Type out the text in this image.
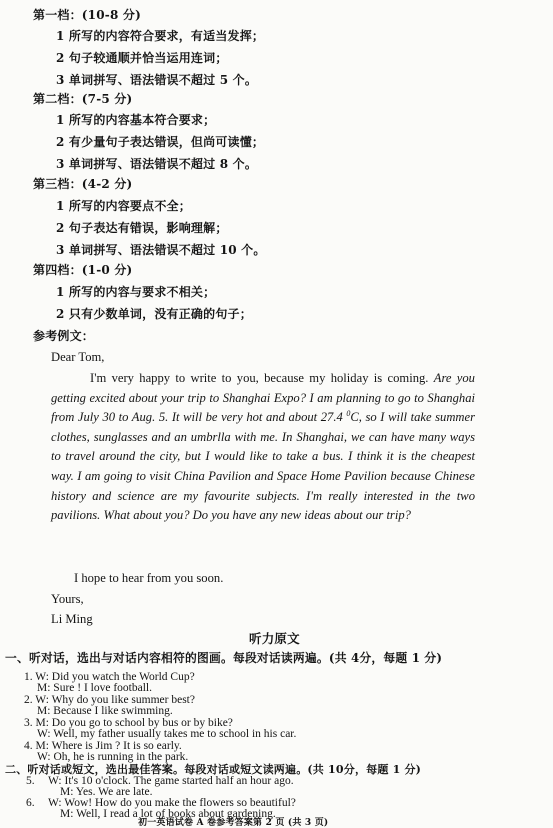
第一档：(10-8 分)
1 所写的内容符合要求，有适当发挥；
2 句子较通顺并恰当运用连词；
3 单词拼写、语法错误不超过 5 个。
第二档：(7-5 分)
1 所写的内容基本符合要求；
2 有少量句子表达错误，但尚可读懂；
3 单词拼写、语法错误不超过 8 个。
第三档：(4-2 分)
1 所写的内容要点不全；
2 句子表达有错误，影响理解；
3 单词拼写、语法错误不超过 10 个。
第四档：(1-0 分)
1 所写的内容与要求不相关；
2 只有少数单词，没有正确的句子；
参考例文：
Dear Tom,
I'm very happy to write to you, because my holiday is coming. Are you getting excited about your trip to Shanghai Expo? I am planning to go to Shanghai from July 30 to Aug. 5. It will be very hot and about 27.4 $^0$C, so I will take summer clothes, sunglasses and an umbrlla with me. In Shanghai, we can have many ways to travel around the city, but I would like to take a bus. I think it is the cheapest way. I am going to visit China Pavilion and Space Home Pavilion because Chinese history and science are my favourite subjects. I'm really interested in the two pavilions. What about you? Do you have any new ideas about our trip?
I hope to hear from you soon.
Yours,
Li Ming
听力原文
一、听对话，选出与对话内容相符的图画。每段对话读两遍。(共 4分，每题 1 分)
1. W: Did you watch the World Cup?
M: Sure ! I love football.
2. W: Why do you like summer best?
M: Because I like swimming.
3. M: Do you go to school by bus or by bike?
W: Well, my father usually takes me to school in his car.
4. M: Where is Jim ? It is so early.
W: Oh, he is running in the park.
二、听对话或短文，选出最佳答案。每段对话或短文读两遍。(共 10分，每题 1 分)
5. W: It's 10 o'clock. The game started half an hour ago.
M: Yes. We are late.
6. W: Wow! How do you make the flowers so beautiful?
M: Well, I read a lot of books about gardening.
初一英语试卷 A 卷参考答案第 2 页 (共 3 页)
